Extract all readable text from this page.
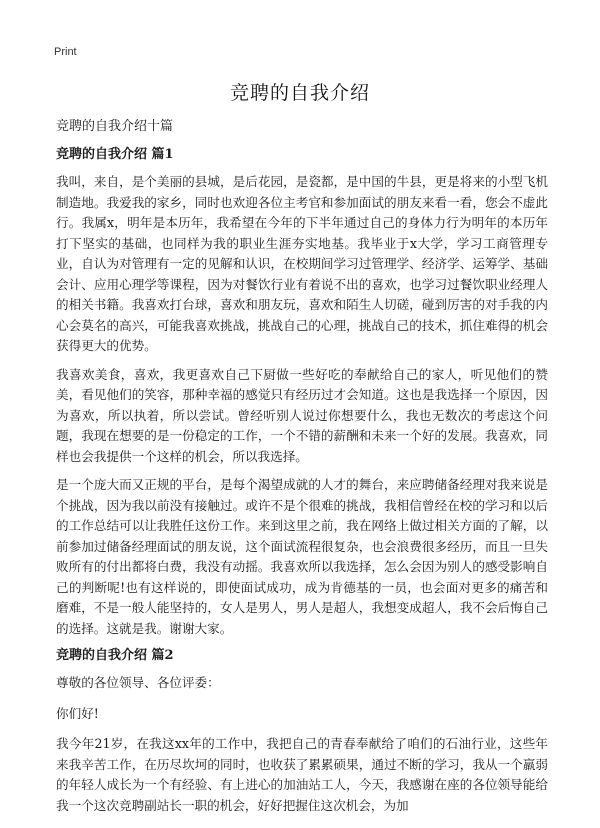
Print
竞聘的自我介绍
竞聘的自我介绍十篇
竞聘的自我介绍 篇1

我叫，来自，是个美丽的县城，是后花园，是瓷都，是中国的牛县，更是将来的小型飞机制造地。我爱我的家乡，同时也欢迎各位主考官和参加面试的朋友来看一看，您会不虚此行。我属x，明年是本历年，我希望在今年的下半年通过自己的身体力行为明年的本历年打下坚实的基础，也同样为我的职业生涯夯实地基。我毕业于x大学，学习工商管理专业，自认为对管理有一定的见解和认识，在校期间学习过管理学、经济学、运筹学、基础会计、应用心理学等课程，因为对餐饮行业有着说不出的喜欢，也学习过餐饮职业经理人的相关书籍。我喜欢打台球，喜欢和朋友玩，喜欢和陌生人切磋，碰到厉害的对手我的内心会莫名的高兴，可能我喜欢挑战，挑战自己的心理，挑战自己的技术，抓住难得的机会获得更大的优势。

我喜欢美食，喜欢，我更喜欢自己下厨做一些好吃的奉献给自己的家人，听见他们的赞美，看见他们的笑容，那种幸福的感觉只有经历过才会知道。这也是我选择一个原因，因为喜欢，所以执着，所以尝试。曾经听别人说过你想要什么，我也无数次的考虑这个问题，我现在想要的是一份稳定的工作，一个不错的薪酬和未来一个好的发展。我喜欢，同样也会我提供一个这样的机会，所以我选择。

是一个庞大而又正规的平台，是每个渴望成就的人才的舞台，来应聘储备经理对我来说是个挑战，因为我以前没有接触过。或许不是个很难的挑战，我相信曾经在校的学习和以后的工作总结可以让我胜任这份工作。来到这里之前，我在网络上做过相关方面的了解，以前参加过储备经理面试的朋友说，这个面试流程很复杂，也会浪费很多经历，而且一旦失败所有的付出都将白费，我没有动摇。我喜欢所以我选择，怎么会因为别人的感受影响自己的判断呢!也有这样说的，即使面试成功，成为肯德基的一员，也会面对更多的痛苦和磨难，不是一般人能坚持的，女人是男人，男人是超人，我想变成超人，我不会后悔自己的选择。这就是我。谢谢大家。

竞聘的自我介绍 篇2

尊敬的各位领导、各位评委：

你们好!

我今年21岁，在我这xx年的工作中，我把自己的青春奉献给了咱们的石油行业，这些年来我辛苦工作，在历尽坎坷的同时，也收获了累累硕果，通过不断的学习，我从一个羸弱的年轻人成长为一个有经验、有上进心的加油站工人，今天，我感谢在座的各位领导能给我一个这次竞聘副站长一职的机会，好好把握住这次机会，为加
